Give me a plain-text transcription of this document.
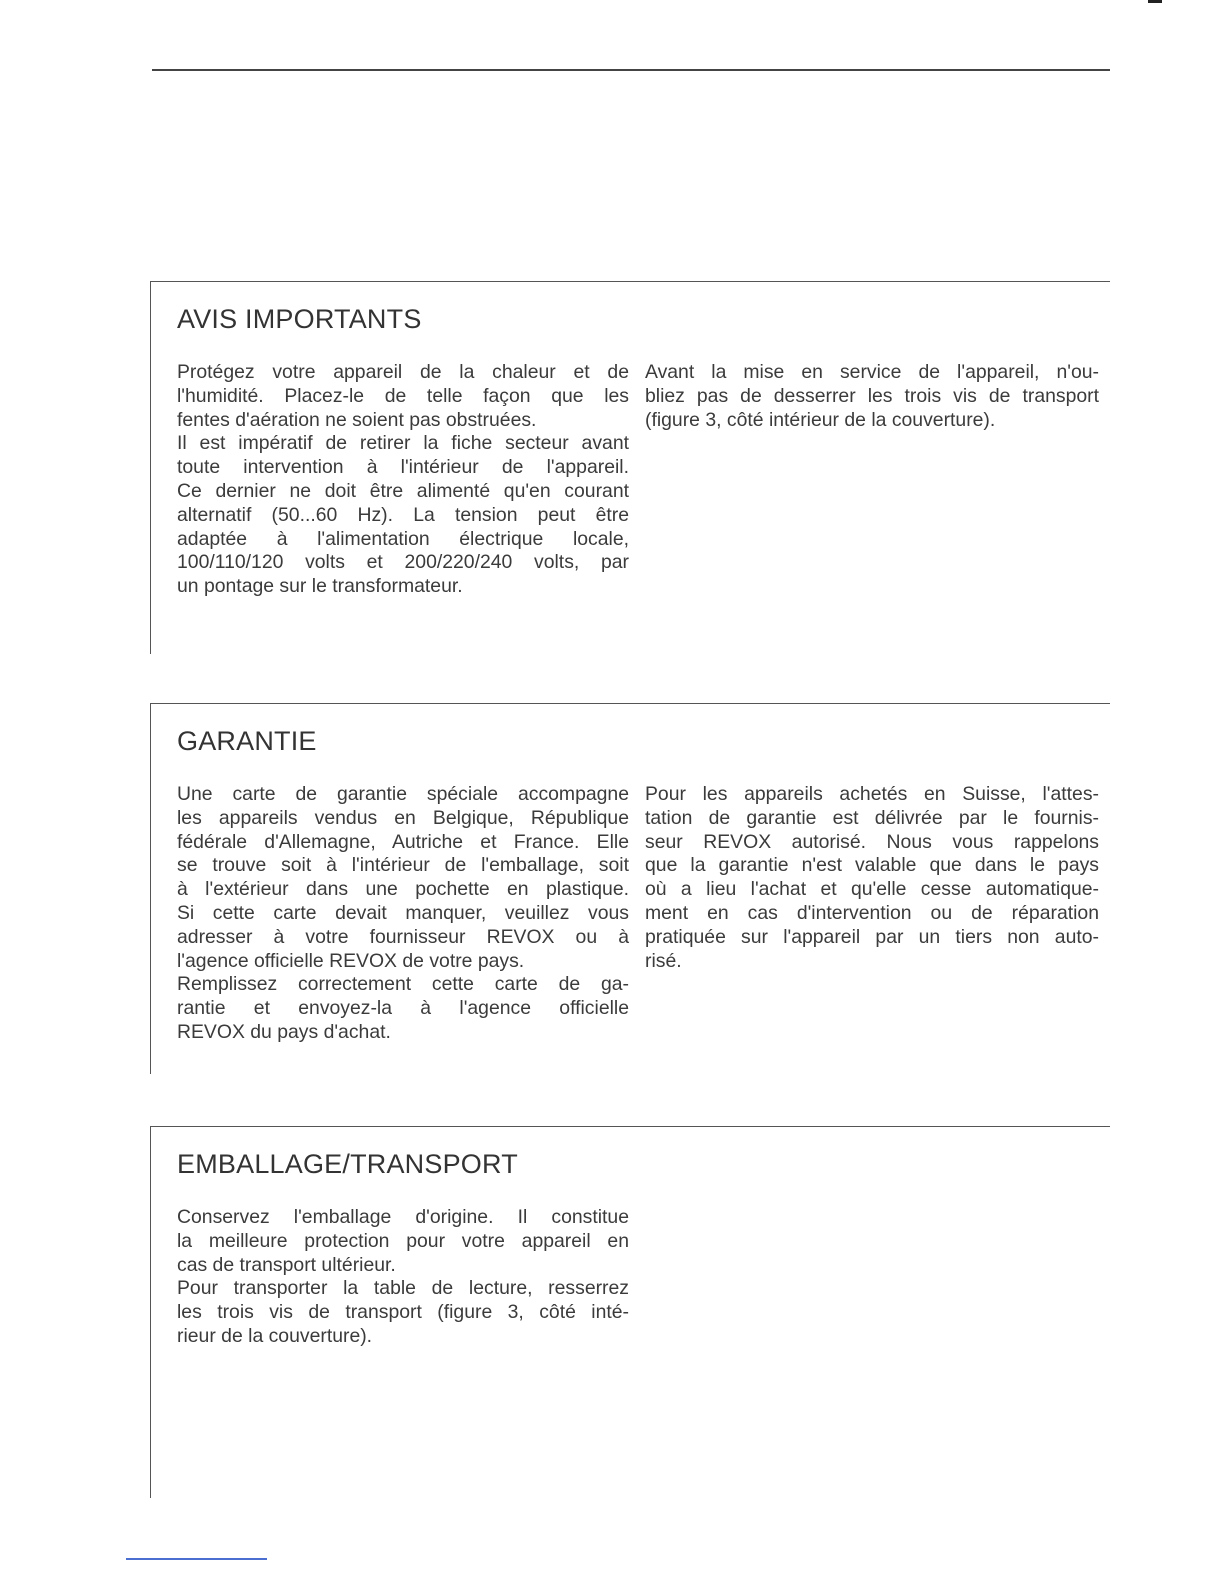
AVIS IMPORTANTS

Protégez votre appareil de la chaleur et de
l'humidité. Placez-le de telle façon que les
fentes d'aération ne soient pas obstruées.

Il est impératif de retirer la fiche secteur avant
toute intervention à l'intérieur de l'appareil.
Ce dernier ne doit être alimenté qu'en courant
alternatif (50...60 Hz). La tension peut être
adaptée à l'alimentation électrique locale,
100/110/120 volts et 200/220/240 volts, par
un pontage sur le transformateur.

Avant la mise en service de l'appareil, n'ou-
bliez pas de desserrer les trois vis de transport
(figure 3, côté intérieur de la couverture).

GARANTIE

Une carte de garantie spéciale accompagne
les appareils vendus en Belgique, République
fédérale d'Allemagne, Autriche et France. Elle
se trouve soit à l'intérieur de l'emballage, soit
à l'extérieur dans une pochette en plastique.
Si cette carte devait manquer, veuillez vous
adresser à votre fournisseur REVOX ou à
l'agence officielle REVOX de votre pays.

Remplissez correctement cette carte de ga-
rantie et envoyez-la à l'agence officielle
REVOX du pays d'achat.

Pour les appareils achetés en Suisse, l'attes-
tation de garantie est délivrée par le fournis-
seur REVOX autorisé. Nous vous rappelons
que la garantie n'est valable que dans le pays
où a lieu l'achat et qu'elle cesse automatique-
ment en cas d'intervention ou de réparation
pratiquée sur l'appareil par un tiers non auto-
risé.

EMBALLAGE/TRANSPORT

Conservez l'emballage d'origine. Il constitue
la meilleure protection pour votre appareil en
cas de transport ultérieur.

Pour transporter la table de lecture, resserrez
les trois vis de transport (figure 3, côté inté-
rieur de la couverture).
